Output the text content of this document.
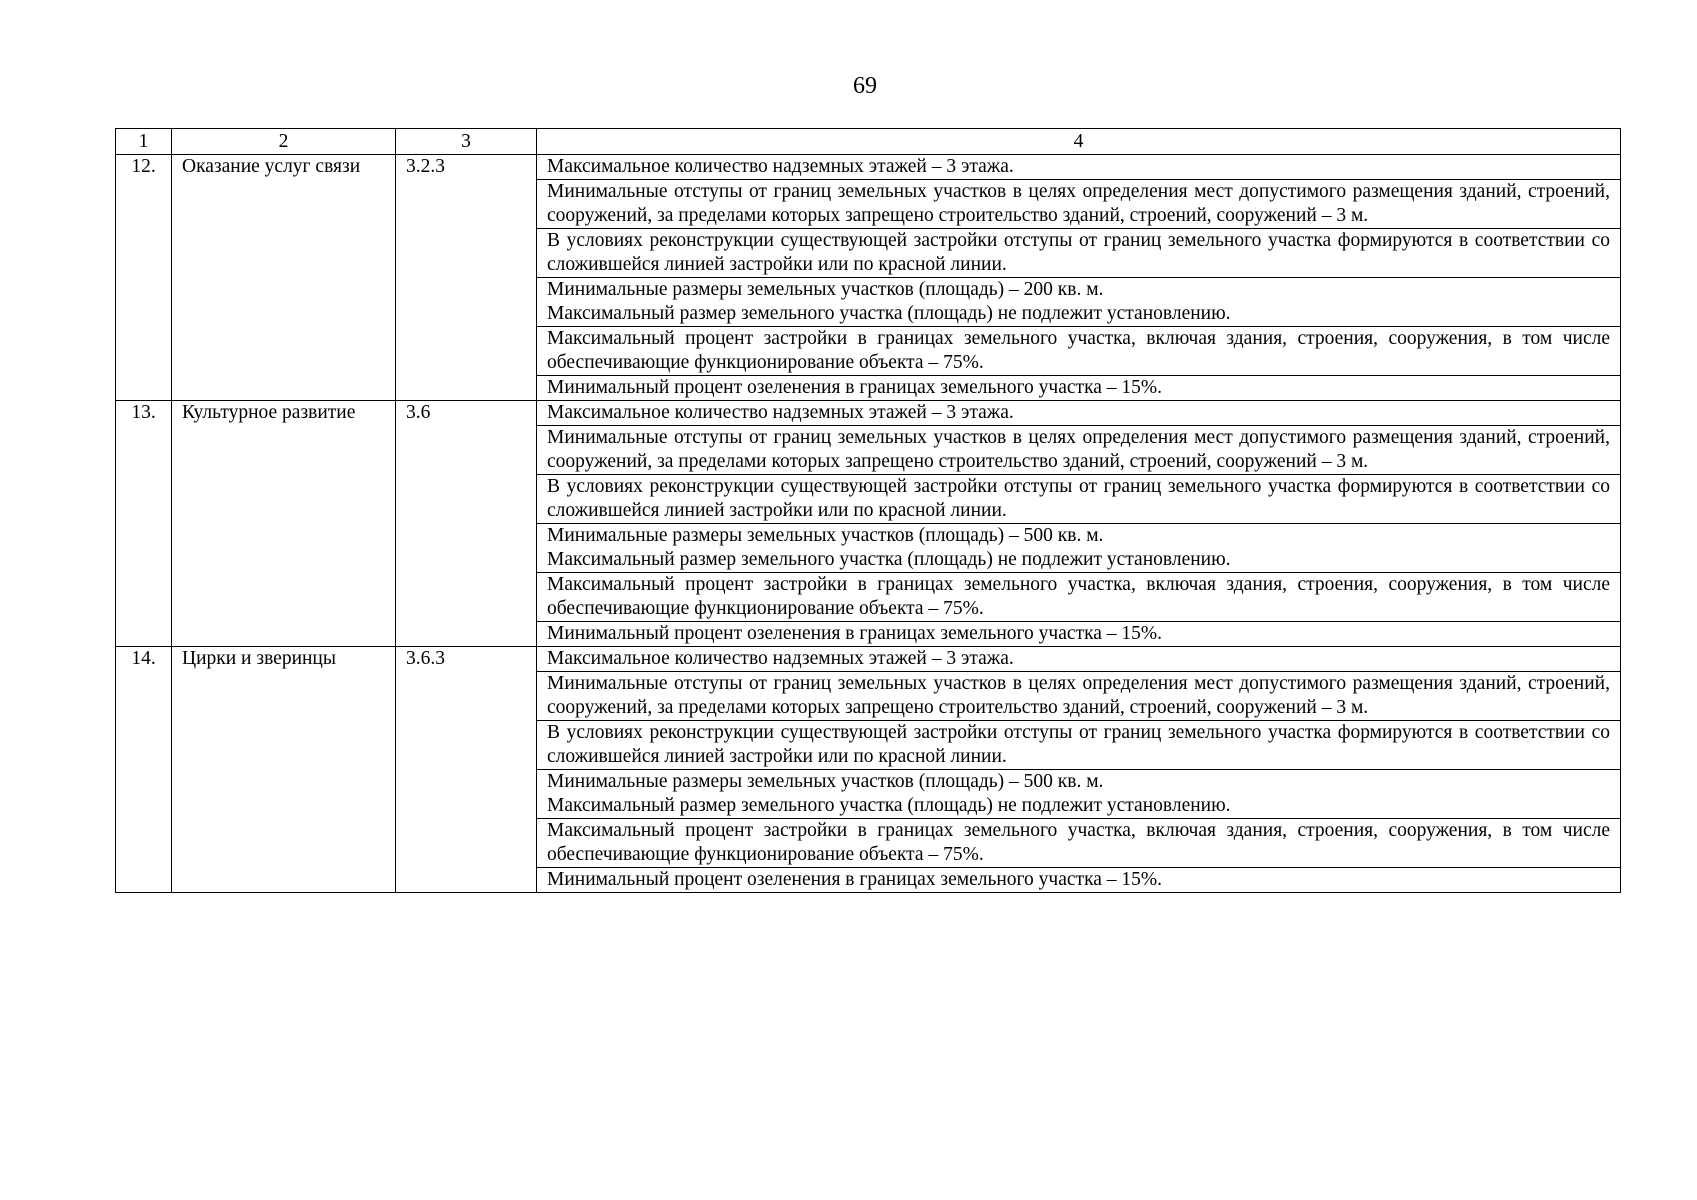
69
1	2	3	4
12.	Оказание услуг связи	3.2.3	Максимальное количество надземных этажей – 3 этажа.
			Минимальные отступы от границ земельных участков в целях определения мест допустимого размещения зданий, строений, сооружений, за пределами которых запрещено строительство зданий, строений, сооружений – 3 м.
			В условиях реконструкции существующей застройки отступы от границ земельного участка формируются в соответствии со сложившейся линией застройки или по красной линии.

			Минимальные размеры земельных участков (площадь) – 200 кв. м.
Максимальный размер земельного участка (площадь) не подлежит установлению.

			Максимальный процент застройки в границах земельного участка, включая здания, строения, сооружения, в том числе обеспечивающие функционирование объекта – 75%.
			Минимальный процент озеленения в границах земельного участка – 15%.
13.	Культурное развитие	3.6	Максимальное количество надземных этажей – 3 этажа.
			Минимальные отступы от границ земельных участков в целях определения мест допустимого размещения зданий, строений, сооружений, за пределами которых запрещено строительство зданий, строений, сооружений – 3 м.
			В условиях реконструкции существующей застройки отступы от границ земельного участка формируются в соответствии со сложившейся линией застройки или по красной линии.

			Минимальные размеры земельных участков (площадь) – 500 кв. м.
Максимальный размер земельного участка (площадь) не подлежит установлению.

			Максимальный процент застройки в границах земельного участка, включая здания, строения, сооружения, в том числе обеспечивающие функционирование объекта – 75%.
			Минимальный процент озеленения в границах земельного участка – 15%.
14.	Цирки и зверинцы	3.6.3	Максимальное количество надземных этажей – 3 этажа.
			Минимальные отступы от границ земельных участков в целях определения мест допустимого размещения зданий, строений, сооружений, за пределами которых запрещено строительство зданий, строений, сооружений – 3 м.
			В условиях реконструкции существующей застройки отступы от границ земельного участка формируются в соответствии со сложившейся линией застройки или по красной линии.

			Минимальные размеры земельных участков (площадь) – 500 кв. м.
Максимальный размер земельного участка (площадь) не подлежит установлению.

			Максимальный процент застройки в границах земельного участка, включая здания, строения, сооружения, в том числе обеспечивающие функционирование объекта – 75%.
			Минимальный процент озеленения в границах земельного участка – 15%.
